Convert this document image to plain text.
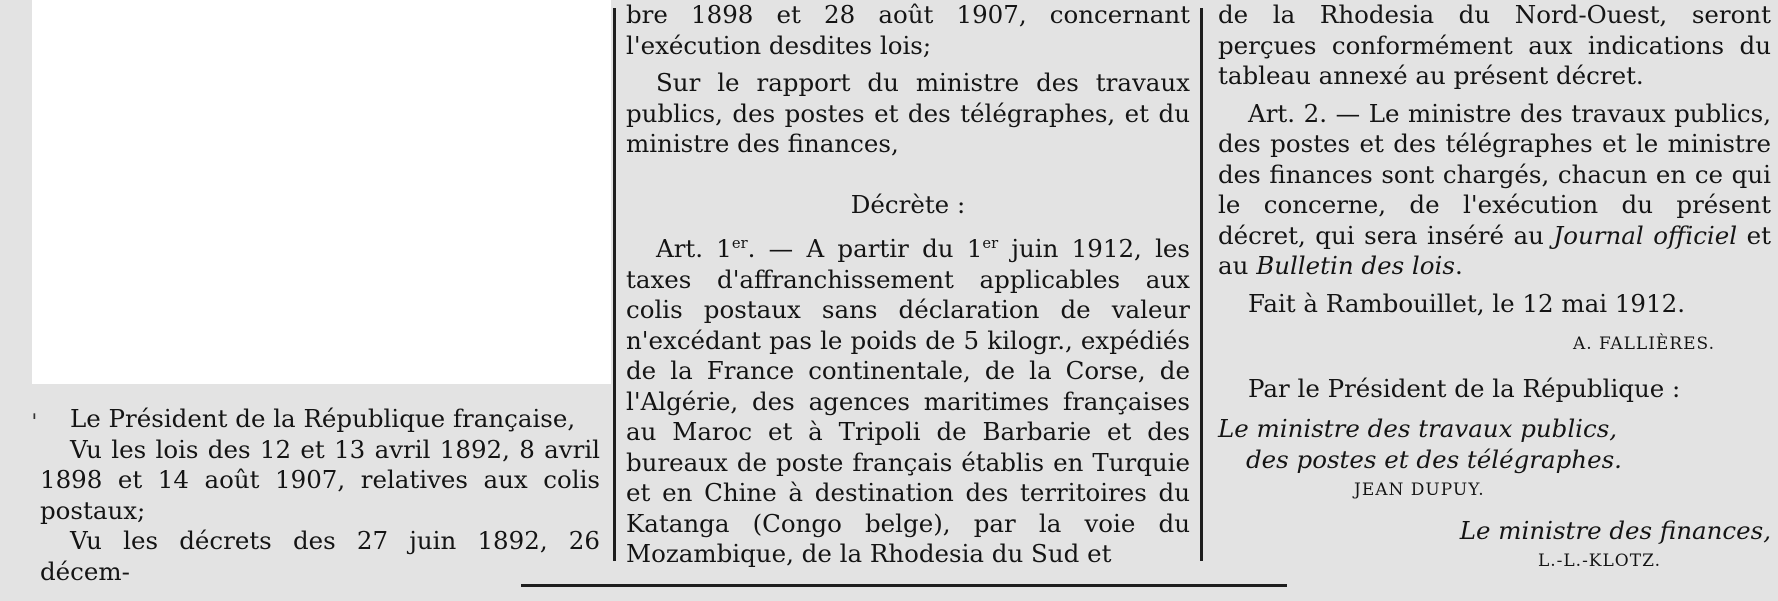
ˈ	Le Président de la République française,

Vu les lois des 12 et 13 avril 1892, 8 avril 1898 et 14 août 1907, relatives aux colis postaux;

Vu les décrets des 27 juin 1892, 26 décem-

bre 1898 et 28 août 1907, concernant l'exécution desdites lois;

Sur le rapport du ministre des travaux publics, des postes et des télégraphes, et du ministre des finances,

Décrète :

Art. 1er. — A partir du 1er juin 1912, les taxes d'affranchissement applicables aux colis postaux sans déclaration de valeur n'excédant pas le poids de 5 kilogr., expédiés de la France continentale, de la Corse, de l'Algérie, des agences maritimes françaises au Maroc et à Tripoli de Barbarie et des bureaux de poste français établis en Turquie et en Chine à destination des territoires du Katanga (Congo belge), par la voie du Mozambique, de la Rhodesia du Sud et

de la Rhodesia du Nord-Ouest, seront perçues conformément aux indications du tableau annexé au présent décret.

Art. 2. — Le ministre des travaux publics, des postes et des télégraphes et le ministre des finances sont chargés, chacun en ce qui le concerne, de l'exécution du présent décret, qui sera inséré au Journal officiel et au Bulletin des lois.

Fait à Rambouillet, le 12 mai 1912.

A. FALLIÈRES.

Par le Président de la République :

Le ministre des travaux publics,

des postes et des télégraphes.

JEAN DUPUY.

Le ministre des finances,

L.-L.-KLOTZ.
